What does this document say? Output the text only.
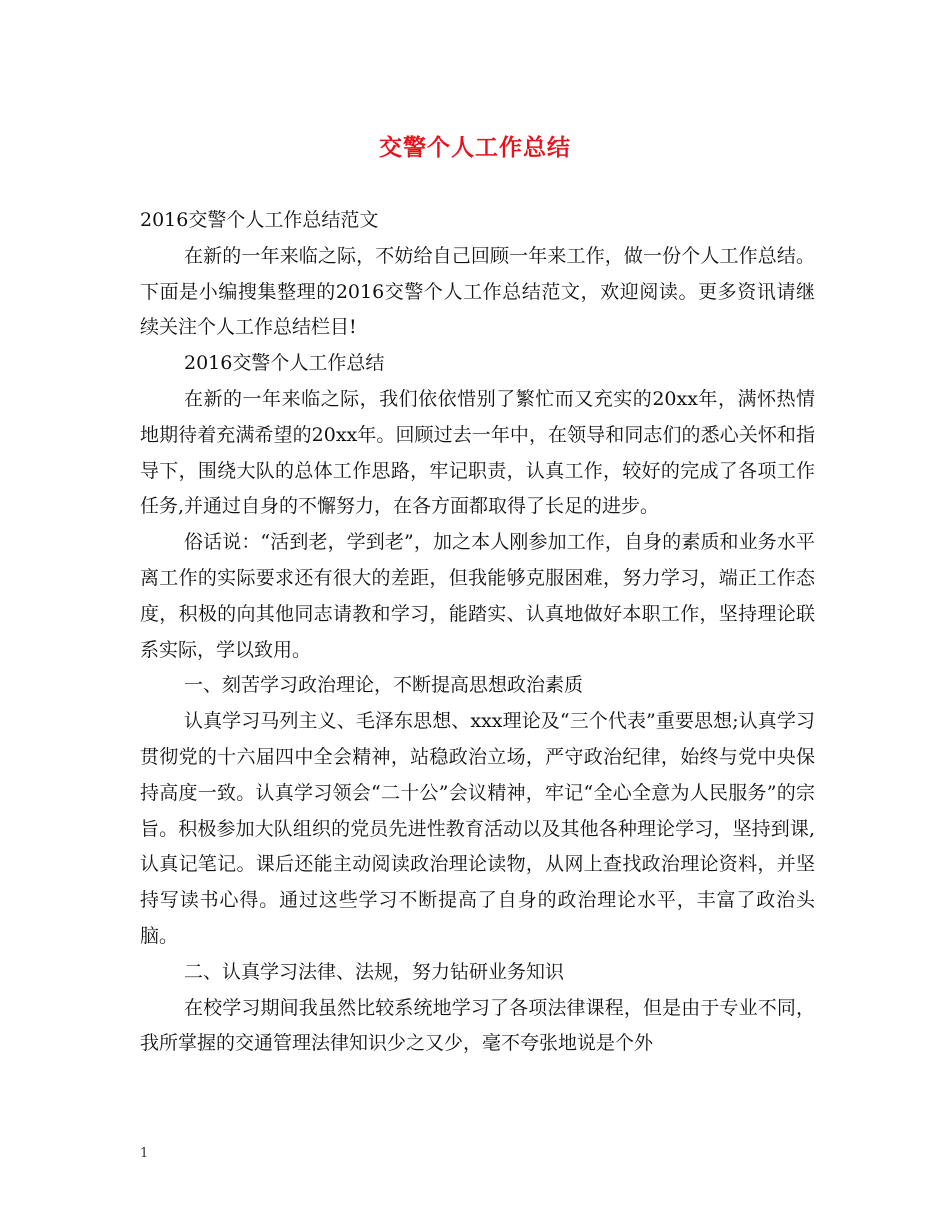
交警个人工作总结

2016交警个人工作总结范文

在新的一年来临之际，不妨给自己回顾一年来工作，做一份个人工作总结。下面是小编搜集整理的2016交警个人工作总结范文，欢迎阅读。更多资讯请继续关注个人工作总结栏目!

2016交警个人工作总结

在新的一年来临之际，我们依依惜别了繁忙而又充实的20xx年，满怀热情地期待着充满希望的20xx年。回顾过去一年中，在领导和同志们的悉心关怀和指导下，围绕大队的总体工作思路，牢记职责，认真工作，较好的完成了各项工作任务,并通过自身的不懈努力，在各方面都取得了长足的进步。

俗话说：“活到老，学到老”，加之本人刚参加工作，自身的素质和业务水平离工作的实际要求还有很大的差距，但我能够克服困难，努力学习，端正工作态度，积极的向其他同志请教和学习，能踏实、认真地做好本职工作，坚持理论联系实际，学以致用。

一、刻苦学习政治理论，不断提高思想政治素质

认真学习马列主义、毛泽东思想、xxx理论及“三个代表”重要思想;认真学习贯彻党的十六届四中全会精神，站稳政治立场，严守政治纪律，始终与党中央保持高度一致。认真学习领会“二十公”会议精神，牢记“全心全意为人民服务”的宗旨。积极参加大队组织的党员先进性教育活动以及其他各种理论学习，坚持到课,认真记笔记。课后还能主动阅读政治理论读物，从网上查找政治理论资料，并坚持写读书心得。通过这些学习不断提高了自身的政治理论水平，丰富了政治头脑。

二、认真学习法律、法规，努力钻研业务知识

在校学习期间我虽然比较系统地学习了各项法律课程，但是由于专业不同，我所掌握的交通管理法律知识少之又少，毫不夸张地说是个外

1
